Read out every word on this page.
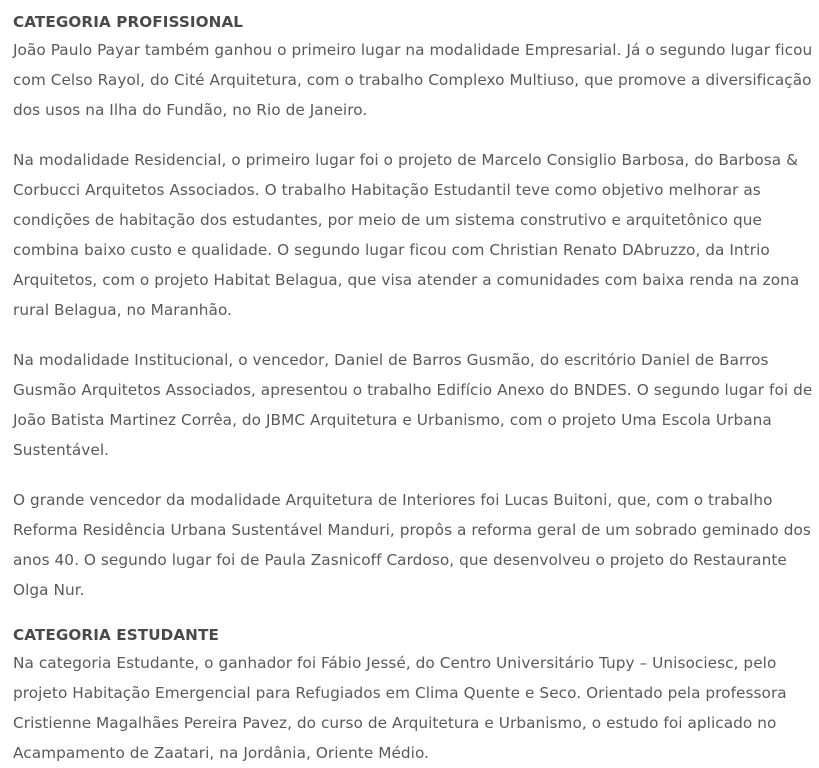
CATEGORIA PROFISSIONAL

João Paulo Payar também ganhou o primeiro lugar na modalidade Empresarial. Já o segundo lugar ficou com Celso Rayol, do Cité Arquitetura, com o trabalho Complexo Multiuso, que promove a diversificação dos usos na Ilha do Fundão, no Rio de Janeiro.

Na modalidade Residencial, o primeiro lugar foi o projeto de Marcelo Consiglio Barbosa, do Barbosa & Corbucci Arquitetos Associados. O trabalho Habitação Estudantil teve como objetivo melhorar as condições de habitação dos estudantes, por meio de um sistema construtivo e arquitetônico que combina baixo custo e qualidade. O segundo lugar ficou com Christian Renato DAbruzzo, da Intrio Arquitetos, com o projeto Habitat Belagua, que visa atender a comunidades com baixa renda na zona rural Belagua, no Maranhão.

Na modalidade Institucional, o vencedor, Daniel de Barros Gusmão, do escritório Daniel de Barros Gusmão Arquitetos Associados, apresentou o trabalho Edifício Anexo do BNDES. O segundo lugar foi de João Batista Martinez Corrêa, do JBMC Arquitetura e Urbanismo, com o projeto Uma Escola Urbana Sustentável.

O grande vencedor da modalidade Arquitetura de Interiores foi Lucas Buitoni, que, com o trabalho Reforma Residência Urbana Sustentável Manduri, propôs a reforma geral de um sobrado geminado dos anos 40. O segundo lugar foi de Paula Zasnicoff Cardoso, que desenvolveu o projeto do Restaurante Olga Nur.

CATEGORIA ESTUDANTE

Na categoria Estudante, o ganhador foi Fábio Jessé, do Centro Universitário Tupy – Unisociesc, pelo projeto Habitação Emergencial para Refugiados em Clima Quente e Seco. Orientado pela professora Cristienne Magalhães Pereira Pavez, do curso de Arquitetura e Urbanismo, o estudo foi aplicado no Acampamento de Zaatari, na Jordânia, Oriente Médio.
